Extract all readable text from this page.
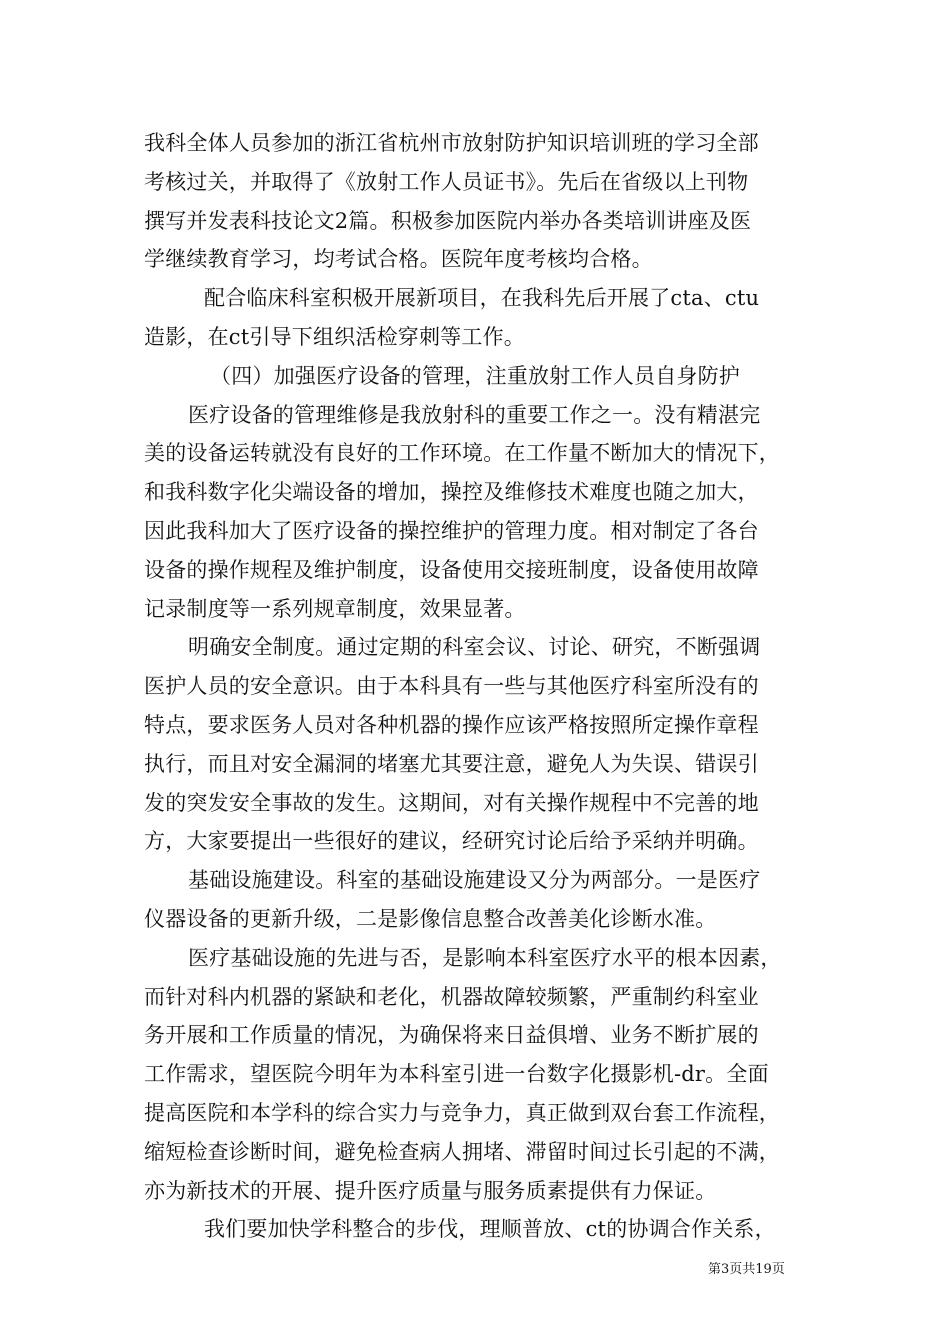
我科全体人员参加的浙江省杭州市放射防护知识培训班的学习全部
考核过关，并取得了《放射工作人员证书》。先后在省级以上刊物
撰写并发表科技论文2篇。积极参加医院内举办各类培训讲座及医
学继续教育学习，均考试合格。医院年度考核均合格。
配合临床科室积极开展新项目，在我科先后开展了cta、ctu
造影，在ct引导下组织活检穿刺等工作。
（四）加强医疗设备的管理，注重放射工作人员自身防护
医疗设备的管理维修是我放射科的重要工作之一。没有精湛完
美的设备运转就没有良好的工作环境。在工作量不断加大的情况下，
和我科数字化尖端设备的增加，操控及维修技术难度也随之加大，
因此我科加大了医疗设备的操控维护的管理力度。相对制定了各台
设备的操作规程及维护制度，设备使用交接班制度，设备使用故障
记录制度等一系列规章制度，效果显著。
明确安全制度。通过定期的科室会议、讨论、研究，不断强调
医护人员的安全意识。由于本科具有一些与其他医疗科室所没有的
特点，要求医务人员对各种机器的操作应该严格按照所定操作章程
执行，而且对安全漏洞的堵塞尤其要注意，避免人为失误、错误引
发的突发安全事故的发生。这期间，对有关操作规程中不完善的地
方，大家要提出一些很好的建议，经研究讨论后给予采纳并明确。
基础设施建设。科室的基础设施建设又分为两部分。一是医疗
仪器设备的更新升级，二是影像信息整合改善美化诊断水准。
医疗基础设施的先进与否，是影响本科室医疗水平的根本因素，
而针对科内机器的紧缺和老化，机器故障较频繁，严重制约科室业
务开展和工作质量的情况，为确保将来日益俱增、业务不断扩展的
工作需求，望医院今明年为本科室引进一台数字化摄影机-dr。全面
提高医院和本学科的综合实力与竞争力，真正做到双台套工作流程，
缩短检查诊断时间，避免检查病人拥堵、滞留时间过长引起的不满，
亦为新技术的开展、提升医疗质量与服务质素提供有力保证。
我们要加快学科整合的步伐，理顺普放、ct的协调合作关系，
第3页共19页
